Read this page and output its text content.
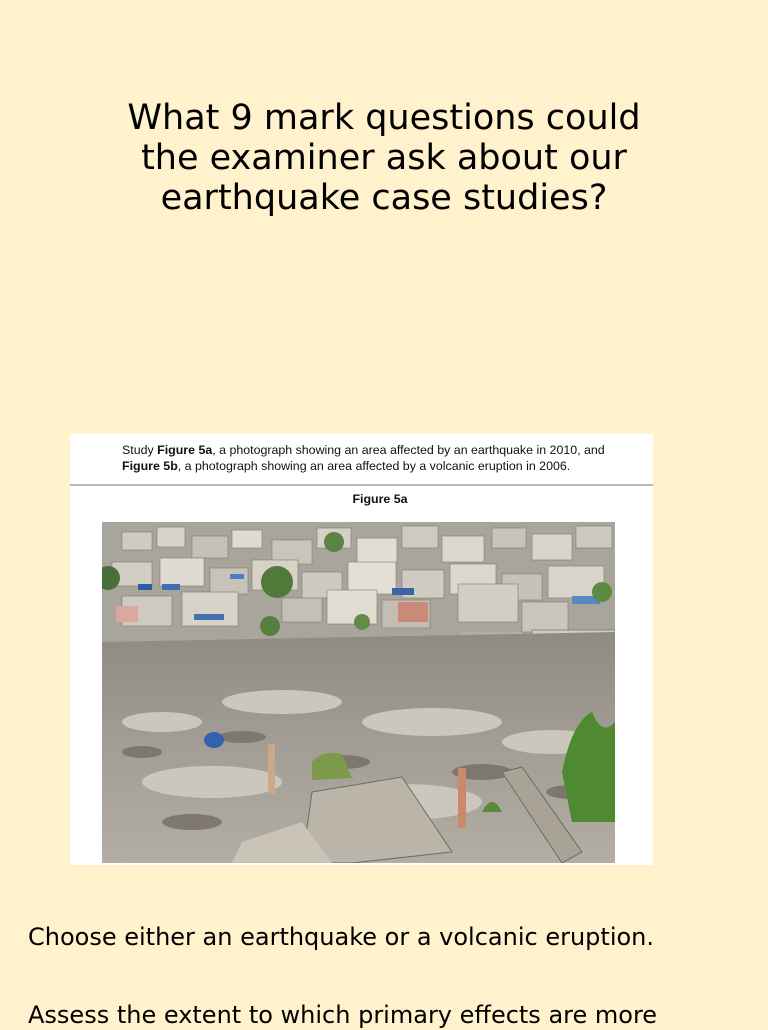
What 9 mark questions could
the examiner ask about our
earthquake case studies?
Study Figure 5a, a photograph showing an area affected by an earthquake in 2010, and
Figure 5b, a photograph showing an area affected by a volcanic eruption in 2006.
Figure 5a

Choose either an earthquake or a volcanic eruption.

Assess the extent to which primary effects are more
